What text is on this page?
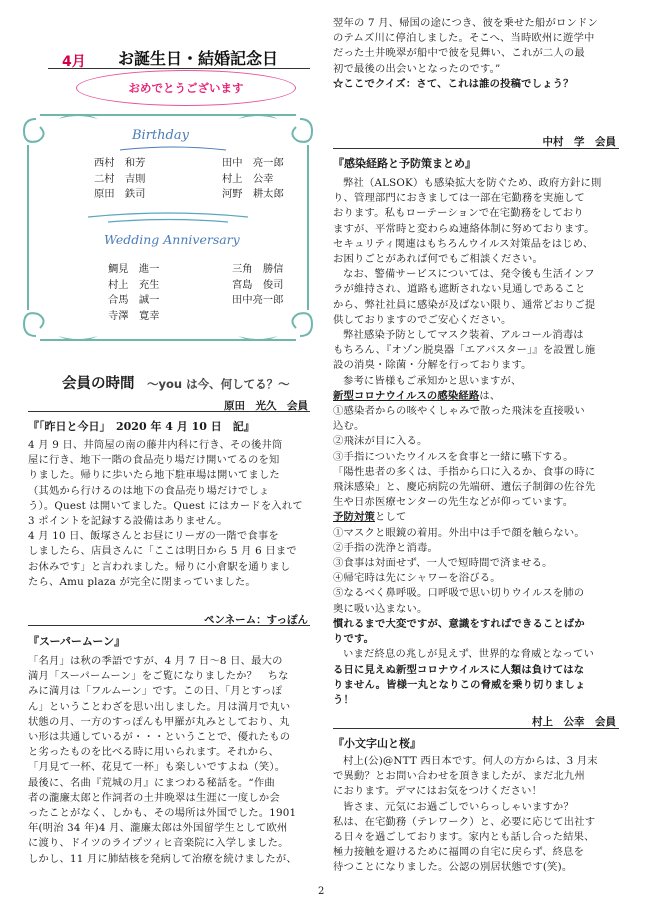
4月 お誕生日・結婚記念日
おめでとうございます
Birthday
西村　和芳
二村　吉則
原田　鉄司
田中　亮一郎
村上　公幸
河野　耕太郎
Wedding Anniversary
鯛見　進一
村上　充生
合馬　誠一
寺澤　寛幸
三角　勝信
宮島　俊司
田中亮一郎
会員の時間 ～you は今、何してる？～
原田　光久　会員
『「昨日と今日」　2020 年 4 月 10 日　記』
4 月 9 日、井筒屋の南の藤井内科に行き、その後井筒
屋に行き、地下一階の食品売り場だけ開いてるのを知
りました。帰りに歩いたら地下駐車場は開いてました
（其処から行けるのは地下の食品売り場だけでしょ
う）。Quest は開いてました。Quest にはカードを入れて
3 ポイントを記録する設備はありません。
4 月 10 日、飯塚さんとお昼にリーガの一階で食事を
しましたら、店員さんに「ここは明日から 5 月 6 日まで
お休みです」と言われました。帰りに小倉駅を通りまし
たら、Amu plaza が完全に閉まっていました。
ペンネーム：すっぽん
『スーパームーン』
「名月」は秋の季語ですが、4 月 7 日～8 日、最大の
満月「スーパームーン」をご覧になりましたか？　ちな
みに満月は「フルムーン」です。この日、「月とすっぽ
ん」ということわざを思い出しました。月は満月で丸い
状態の月、一方のすっぽんも甲羅が丸みとしており、丸
い形は共通しているが・・・ということで、優れたもの
と劣ったものを比べる時に用いられます。それから、
「月見て一杯、花見て一杯」も楽しいですよね（笑）。
最後に、名曲『荒城の月』にまつわる秘話を。“作曲
者の瀧廉太郎と作詞者の土井晩翠は生涯に一度しか会
ったことがなく、しかも、その場所は外国でした。1901
年(明治 34 年)4 月、瀧廉太郎は外国留学生として欧州
に渡り、ドイツのライプツィヒ音楽院に入学しました。
しかし、11 月に肺結核を発病して治療を続けましたが、
翌年の 7 月、帰国の途につき、彼を乗せた船がロンドン
のテムズ川に停泊しました。そこへ、当時欧州に遊学中
だった土井晩翠が船中で彼を見舞い、これが二人の最
初で最後の出会いとなったのです。”
☆ここでクイズ：さて、これは誰の投稿でしょう？
中村　学　会員
『感染経路と予防策まとめ』
弊社（ALSOK）も感染拡大を防ぐため、政府方針に則
り、管理部門におきましては一部在宅勤務を実施して
おります。私もローテーションで在宅勤務をしており
ますが、平常時と変わらぬ連絡体制に努めております。
セキュリティ関連はもちろんウイルス対策品をはじめ、
お困りごとがあれば何でもご相談ください。
なお、警備サービスについては、発令後も生活インフ
ラが維持され、道路も遮断されない見通しであること
から、弊社社員に感染が及ばない限り、通常どおりご提
供しておりますのでご安心ください。
弊社感染予防としてマスク装着、アルコール消毒は
もちろん、『オゾン脱臭器「エアバスター」』を設置し施
設の消臭・除菌・分解を行っております。
参考に皆様もご承知かと思いますが、
新型コロナウイルスの感染経路は、
①感染者からの咳やくしゃみで散った飛沫を直接吸い
込む。
②飛沫が目に入る。
③手指についたウイルスを食事と一緒に嚥下する。
「陽性患者の多くは、手指から口に入るか、食事の時に
飛沫感染」と、慶応病院の先端研、遺伝子制御の佐谷先
生や日赤医療センターの先生などが仰っています。
予防対策として
①マスクと眼鏡の着用。外出中は手で顔を触らない。
②手指の洗浄と消毒。
③食事は対面せず、一人で短時間で済ませる。
④帰宅時は先にシャワーを浴びる。
⑤なるべく鼻呼吸。口呼吸で思い切りウイルスを肺の
奥に吸い込まない。
慣れるまで大変ですが、意識をすればできることばか
りです。
いまだ終息の兆しが見えず、世界的な脅威となってい
る日に見えぬ新型コロナウイルスに人類は負けてはな
りません。皆様一丸となりこの脅威を乗り切りましょ
う！
村上　公幸　会員
『小文字山と桜』
村上(公)@NTT 西日本です。何人の方からは、3 月末
で異動？とお問い合わせを頂きましたが、まだ北九州
におります。デマにはお気をつけください！
皆さま、元気にお過ごしでいらっしゃいますか？
私は、在宅勤務（テレワーク）と、必要に応じて出社す
る日々を過ごしております。家内とも話し合った結果、
極力接触を避けるために福岡の自宅に戻らず、終息を
待つことになりました。公認の別居状態です(笑)。
2
